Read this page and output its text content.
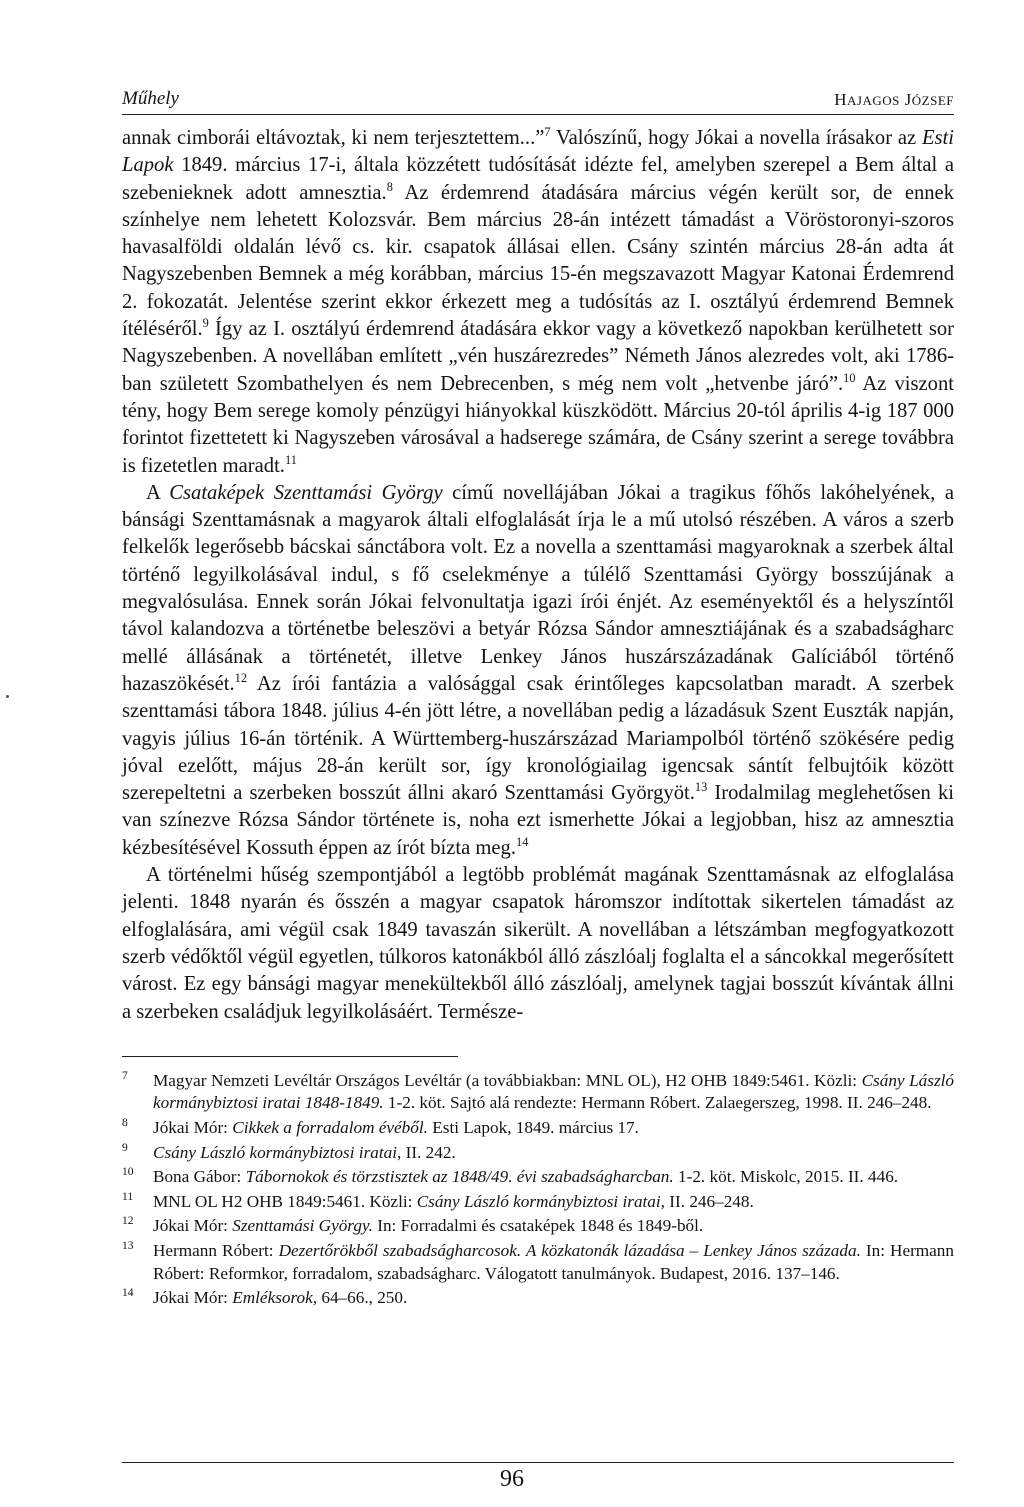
Műhely	HAJAGOS JÓZSEF

annak cimborái eltávoztak, ki nem terjesztettem...”$^7$ Valószínű, hogy Jókai a novella írásakor az Esti Lapok 1849. március 17-i, általa közzétett tudósítását idézte fel, amelyben szerepel a Bem által a szebenieknek adott amnesztia.$^8$ Az érdemrend átadására március végén került sor, de ennek színhelye nem lehetett Kolozsvár. Bem március 28-án intézett támadást a Vöröstoronyi-szoros havasalföldi oldalán lévő cs. kir. csapatok állásai ellen. Csány szintén március 28-án adta át Nagyszebenben Bemnek a még korábban, március 15-én megszavazott Magyar Katonai Érdemrend 2. fokozatát. Jelentése szerint ekkor érkezett meg a tudósítás az I. osztályú érdemrend Bemnek ítéléséről.$^9$ Így az I. osztályú érdemrend átadására ekkor vagy a következő napokban kerülhetett sor Nagyszebenben. A novellában említett „vén huszárezredes” Németh János alezredes volt, aki 1786-ban született Szombathelyen és nem Debrecenben, s még nem volt „hetvenbe járó”.$^{10}$ Az viszont tény, hogy Bem serege komoly pénzügyi hiányokkal küszködött. Március 20-tól április 4-ig 187 000 forintot fizettetett ki Nagyszeben városával a hadserege számára, de Csány szerint a serege továbbra is fizetetlen maradt.$^{11}$

A Csataképek Szenttamási György című novellájában Jókai a tragikus főhős lakóhelyének, a bánsági Szenttamásnak a magyarok általi elfoglalását írja le a mű utolsó részében. A város a szerb felkelők legerősebb bácskai sánctábora volt. Ez a novella a szenttamási magyaroknak a szerbek által történő legyilkolásával indul, s fő cselekménye a túlélő Szenttamási György bosszújának a megvalósulása. Ennek során Jókai felvonultatja igazi írói énjét. Az eseményektől és a helyszíntől távol kalandozva a történetbe beleszövi a betyár Rózsa Sándor amnesztiájának és a szabadságharc mellé állásának a történetét, illetve Lenkey János huszárszázadának Galíciából történő hazaszökését.$^{12}$ Az írói fantázia a valósággal csak érintőleges kapcsolatban maradt. A szerbek szenttamási tábora 1848. július 4-én jött létre, a novellában pedig a lázadásuk Szent Euszták napján, vagyis július 16-án történik. A Württemberg-huszárszázad Mariampolból történő szökésére pedig jóval ezelőtt, május 28-án került sor, így kronológiailag igencsak sántít felbujtóik között szerepeltetni a szerbeken bosszút állni akaró Szenttamási Györgyöt.$^{13}$ Irodalmilag meglehetősen ki van színezve Rózsa Sándor története is, noha ezt ismerhette Jókai a legjobban, hisz az amnesztia kézbesítésével Kossuth éppen az írót bízta meg.$^{14}$

A történelmi hűség szempontjából a legtöbb problémát magának Szenttamásnak az elfoglalása jelenti. 1848 nyarán és ősszén a magyar csapatok háromszor indítottak sikertelen támadást az elfoglalására, ami végül csak 1849 tavaszán sikerült. A novellában a létszámban megfogyatkozott szerb védőktől végül egyetlen, túlkoros katonákból álló zászlóalj foglalta el a sáncokkal megerősített várost. Ez egy bánsági magyar menekültekből álló zászlóalj, amelynek tagjai bosszút kívántak állni a szerbeken családjuk legyilkolásáért. Természe-

7	Magyar Nemzeti Levéltár Országos Levéltár (a továbbiakban: MNL OL), H2 OHB 1849:5461. Közli: Csány László kormánybiztosi iratai 1848-1849. 1-2. köt. Sajtó alá rendezte: Hermann Róbert. Zalaegerszeg, 1998. II. 246–248.
8	Jókai Mór: Cikkek a forradalom évéből. Esti Lapok, 1849. március 17.
9	Csány László kormánybiztosi iratai, II. 242.
10	Bona Gábor: Tábornokok és törzstisztek az 1848/49. évi szabadságharcban. 1-2. köt. Miskolc, 2015. II. 446.
11	MNL OL H2 OHB 1849:5461. Közli: Csány László kormánybiztosi iratai, II. 246–248.
12	Jókai Mór: Szenttamási György. In: Forradalmi és csataképek 1848 és 1849-ből.
13	Hermann Róbert: Dezertőrökből szabadságharcosok. A közkatonák lázadása – Lenkey János százada. In: Hermann Róbert: Reformkor, forradalom, szabadságharc. Válogatott tanulmányok. Budapest, 2016. 137–146.
14	Jókai Mór: Emléksorok, 64–66., 250.
96
